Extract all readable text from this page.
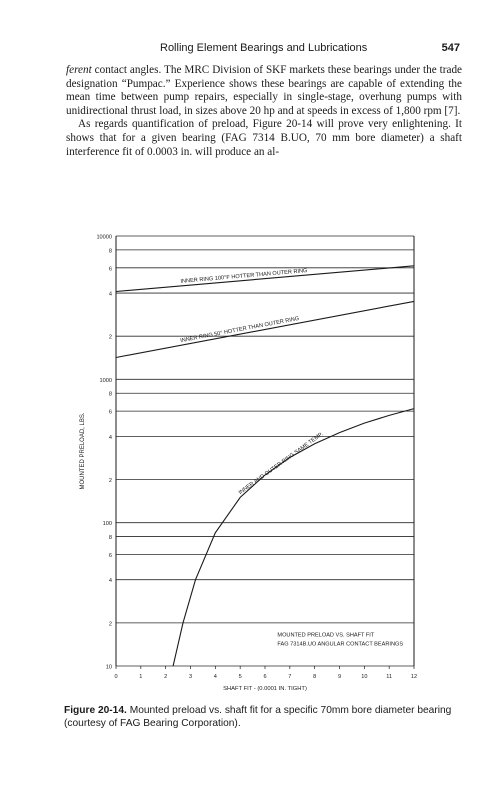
Rolling Element Bearings and Lubrications	547

ferent contact angles. The MRC Division of SKF markets these bearings under the trade designation “Pumpac.” Experience shows these bearings are capable of extending the mean time between pump repairs, especially in single-stage, overhung pumps with unidirectional thrust load, in sizes above 20 hp and at speeds in excess of 1,800 rpm [7].

As regards quantification of preload, Figure 20-14 will prove very enlightening. It shows that for a given bearing (FAG 7314 B.UO, 70 mm bore diameter) a shaft interference fit of 0.0003 in. will produce an al-

INNER RING 100°F HOTTER THAN OUTER RING
INNER RING 50° HOTTER THAN OUTER RING
INNER AND OUTER RING SAME TEMP.
10
2
4
6
8
100
2
4
6
8
1000
2
4
6
8
10000
0	1	2	3	4	5	6	7	8	9	10	11	12
SHAFT FIT - (0.0001 IN. TIGHT)
MOUNTED PRELOAD, LBS.
MOUNTED PRELOAD VS. SHAFT FIT
FAG 7314B.UO ANGULAR CONTACT BEARINGS
Figure 20-14. Mounted preload vs. shaft fit for a specific 70mm bore diameter bearing (courtesy of FAG Bearing Corporation).
